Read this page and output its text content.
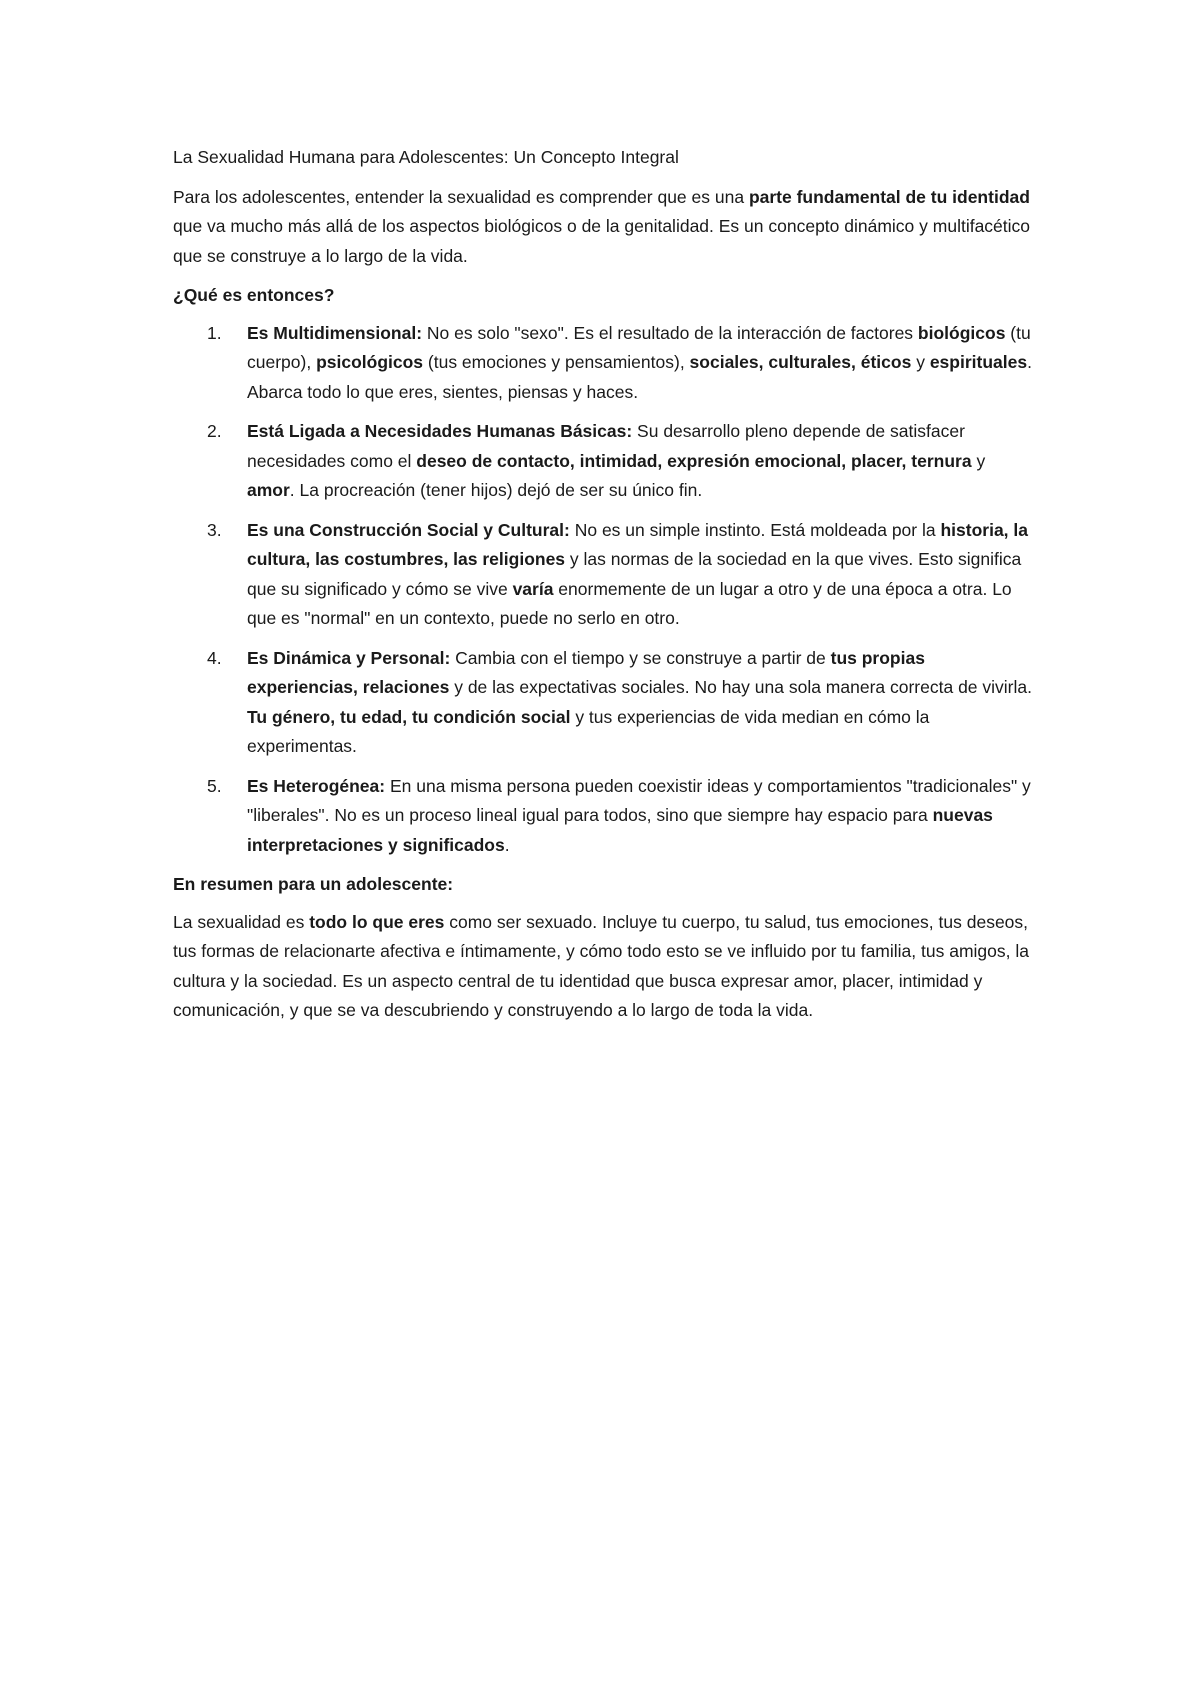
La Sexualidad Humana para Adolescentes: Un Concepto Integral

Para los adolescentes, entender la sexualidad es comprender que es una parte fundamental de tu identidad que va mucho más allá de los aspectos biológicos o de la genitalidad. Es un concepto dinámico y multifacético que se construye a lo largo de la vida.

¿Qué es entonces?

1. Es Multidimensional: No es solo "sexo". Es el resultado de la interacción de factores biológicos (tu cuerpo), psicológicos (tus emociones y pensamientos), sociales, culturales, éticos y espirituales. Abarca todo lo que eres, sientes, piensas y haces.
2. Está Ligada a Necesidades Humanas Básicas: Su desarrollo pleno depende de satisfacer necesidades como el deseo de contacto, intimidad, expresión emocional, placer, ternura y amor. La procreación (tener hijos) dejó de ser su único fin.
3. Es una Construcción Social y Cultural: No es un simple instinto. Está moldeada por la historia, la cultura, las costumbres, las religiones y las normas de la sociedad en la que vives. Esto significa que su significado y cómo se vive varía enormemente de un lugar a otro y de una época a otra. Lo que es "normal" en un contexto, puede no serlo en otro.
4. Es Dinámica y Personal: Cambia con el tiempo y se construye a partir de tus propias experiencias, relaciones y de las expectativas sociales. No hay una sola manera correcta de vivirla. Tu género, tu edad, tu condición social y tus experiencias de vida median en cómo la experimentas.
5. Es Heterogénea: En una misma persona pueden coexistir ideas y comportamientos "tradicionales" y "liberales". No es un proceso lineal igual para todos, sino que siempre hay espacio para nuevas interpretaciones y significados.

En resumen para un adolescente:

La sexualidad es todo lo que eres como ser sexuado. Incluye tu cuerpo, tu salud, tus emociones, tus deseos, tus formas de relacionarte afectiva e íntimamente, y cómo todo esto se ve influido por tu familia, tus amigos, la cultura y la sociedad. Es un aspecto central de tu identidad que busca expresar amor, placer, intimidad y comunicación, y que se va descubriendo y construyendo a lo largo de toda la vida.
